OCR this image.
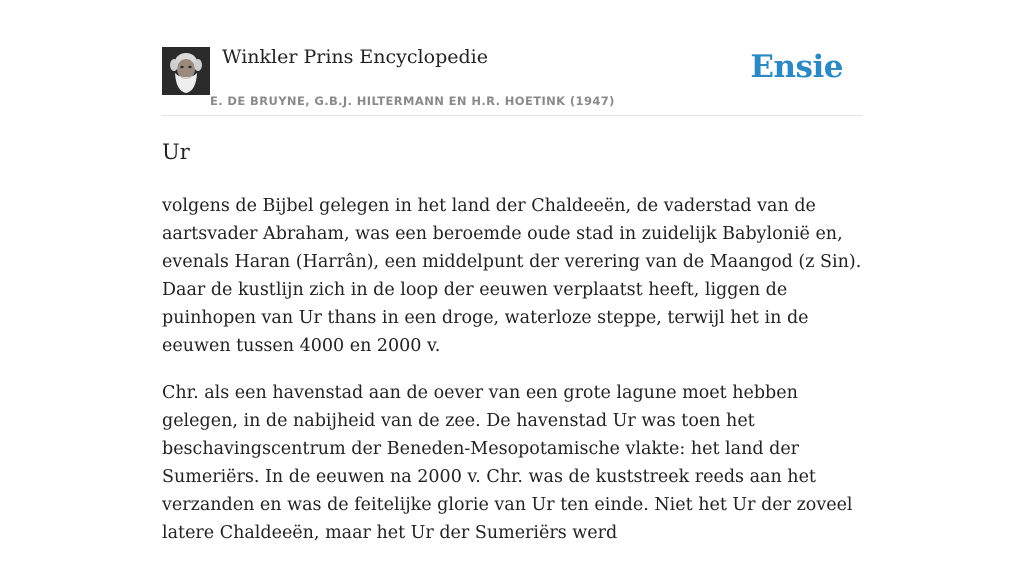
Winkler Prins Encyclopedie	Ensie
E. DE BRUYNE, G.B.J. HILTERMANN EN H.R. HOETINK (1947)
Ur

volgens de Bijbel gelegen in het land der Chaldeeën, de vaderstad van de aartsvader Abraham, was een beroemde oude stad in zuidelijk Babylonië en, evenals Haran (Harrân), een middelpunt der verering van de Maangod (z Sin). Daar de kustlijn zich in de loop der eeuwen verplaatst heeft, liggen de puinhopen van Ur thans in een droge, waterloze steppe, terwijl het in de eeuwen tussen 4000 en 2000 v.

Chr. als een havenstad aan de oever van een grote lagune moet hebben gelegen, in de nabijheid van de zee. De havenstad Ur was toen het beschavingscentrum der Beneden-Mesopotamische vlakte: het land der Sumeriërs. In de eeuwen na 2000 v. Chr. was de kuststreek reeds aan het verzanden en was de feitelijke glorie van Ur ten einde. Niet het Ur der zoveel latere Chaldeeën, maar het Ur der Sumeriërs werd
